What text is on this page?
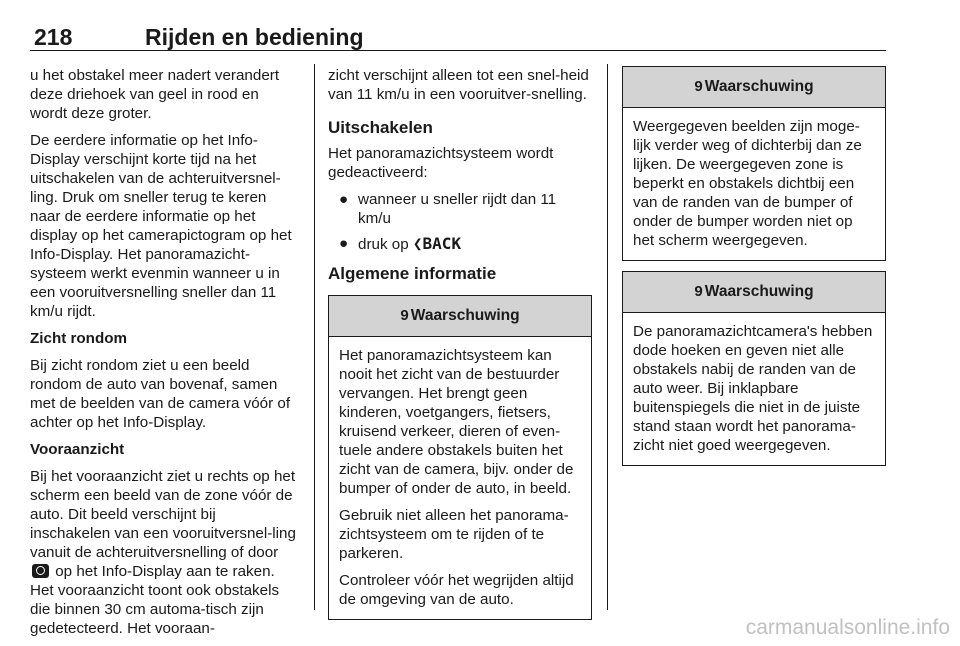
218	Rijden en bediening

u het obstakel meer nadert verandert deze driehoek van geel in rood en wordt deze groter.

De eerdere informatie op het Info-Display verschijnt korte tijd na het uitschakelen van de achteruitversnel-ling. Druk om sneller terug te keren naar de eerdere informatie op het display op het camerapictogram op het Info-Display. Het panoramazicht-systeem werkt evenmin wanneer u in een vooruitversnelling sneller dan 11 km/u rijdt.

Zicht rondom

Bij zicht rondom ziet u een beeld rondom de auto van bovenaf, samen met de beelden van de camera vóór of achter op het Info-Display.

Vooraanzicht

Bij het vooraanzicht ziet u rechts op het scherm een beeld van de zone vóór de auto. Dit beeld verschijnt bij inschakelen van een vooruitversnel-ling vanuit de achteruitversnelling of door  op het Info-Display aan te raken. Het vooraanzicht toont ook obstakels die binnen 30 cm automa-tisch zijn gedetecteerd. Het vooraan-

zicht verschijnt alleen tot een snel-heid van 11 km/u in een vooruitver-snelling.

Uitschakelen

Het panoramazichtsysteem wordt gedeactiveerd:

● wanneer u sneller rijdt dan 11 km/u
● druk op ❮BACK
Algemene informatie
9 Waarschuwing

Het panoramazichtsysteem kan nooit het zicht van de bestuurder vervangen. Het brengt geen kinderen, voetgangers, fietsers, kruisend verkeer, dieren of even-tuele andere obstakels buiten het zicht van de camera, bijv. onder de bumper of onder de auto, in beeld.

Gebruik niet alleen het panorama-zichtsysteem om te rijden of te parkeren.

Controleer vóór het wegrijden altijd de omgeving van de auto.

9 Waarschuwing

Weergegeven beelden zijn moge-lijk verder weg of dichterbij dan ze lijken. De weergegeven zone is beperkt en obstakels dichtbij een van de randen van de bumper of onder de bumper worden niet op het scherm weergegeven.

9 Waarschuwing

De panoramazichtcamera's hebben dode hoeken en geven niet alle obstakels nabij de randen van de auto weer. Bij inklapbare buitenspiegels die niet in de juiste stand staan wordt het panorama-zicht niet goed weergegeven.

carmanualsonline.info
